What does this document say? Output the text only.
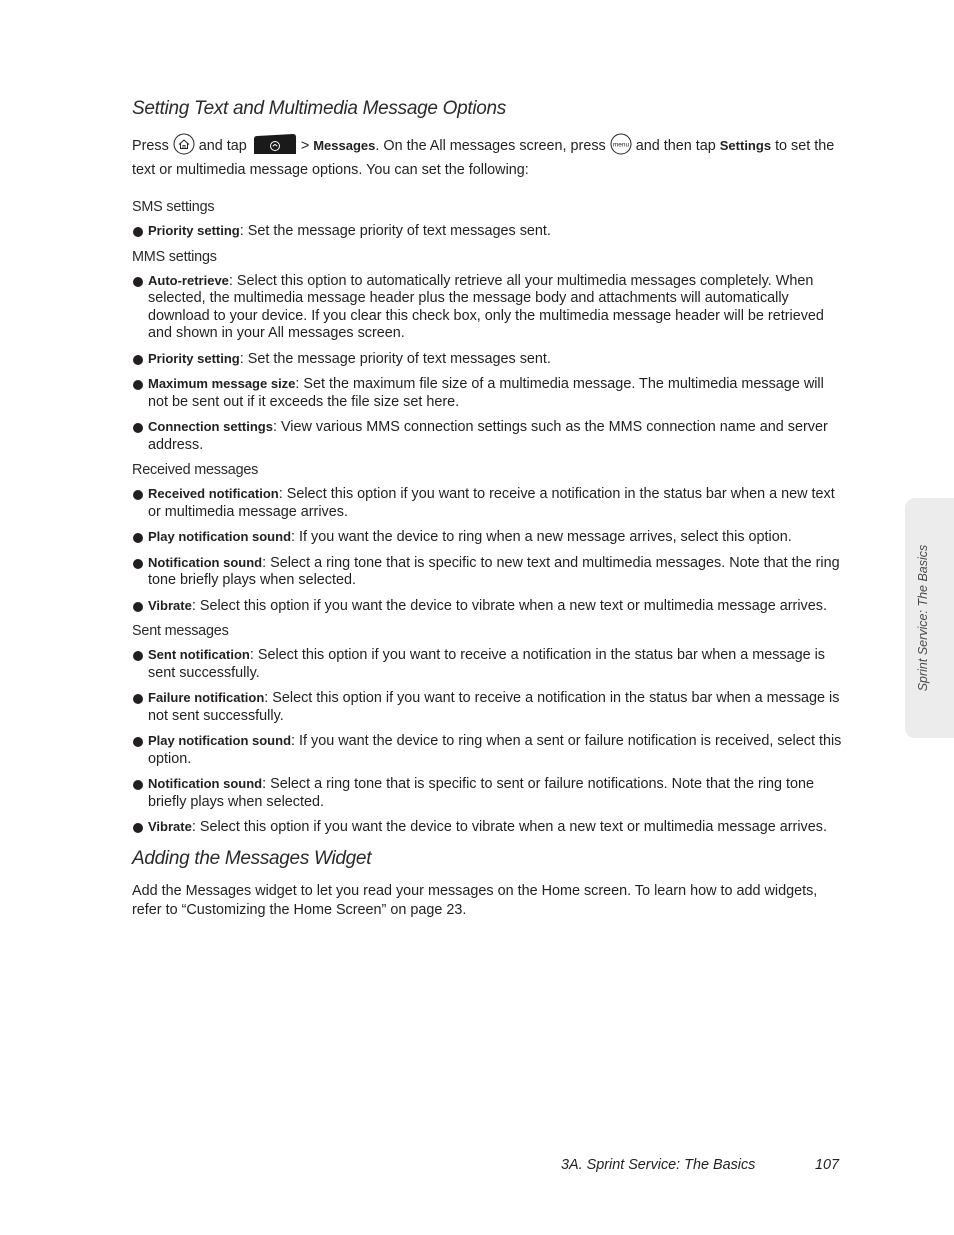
Sprint Service: The Basics
Setting Text and Multimedia Message Options

Press and tap	> Messages. On the All messages screen, press menu and then tap Settings to set the text or multimedia message options. You can set the following:

SMS settings
Priority setting: Set the message priority of text messages sent.
MMS settings
Auto-retrieve: Select this option to automatically retrieve all your multimedia messages completely. When selected, the multimedia message header plus the message body and attachments will automatically download to your device. If you clear this check box, only the multimedia message header will be retrieved and shown in your All messages screen.
Priority setting: Set the message priority of text messages sent.
Maximum message size: Set the maximum file size of a multimedia message. The multimedia message will not be sent out if it exceeds the file size set here.
Connection settings: View various MMS connection settings such as the MMS connection name and server address.
Received messages
Received notification: Select this option if you want to receive a notification in the status bar when a new text or multimedia message arrives.
Play notification sound: If you want the device to ring when a new message arrives, select this option.
Notification sound: Select a ring tone that is specific to new text and multimedia messages. Note that the ring tone briefly plays when selected.
Vibrate: Select this option if you want the device to vibrate when a new text or multimedia message arrives.
Sent messages
Sent notification: Select this option if you want to receive a notification in the status bar when a message is sent successfully.
Failure notification: Select this option if you want to receive a notification in the status bar when a message is not sent successfully.
Play notification sound: If you want the device to ring when a sent or failure notification is received, select this option.
Notification sound: Select a ring tone that is specific to sent or failure notifications. Note that the ring tone briefly plays when selected.
Vibrate: Select this option if you want the device to vibrate when a new text or multimedia message arrives.
Adding the Messages Widget

Add the Messages widget to let you read your messages on the Home screen. To learn how to add widgets, refer to “Customizing the Home Screen” on page 23.

3A. Sprint Service: The Basics	107
